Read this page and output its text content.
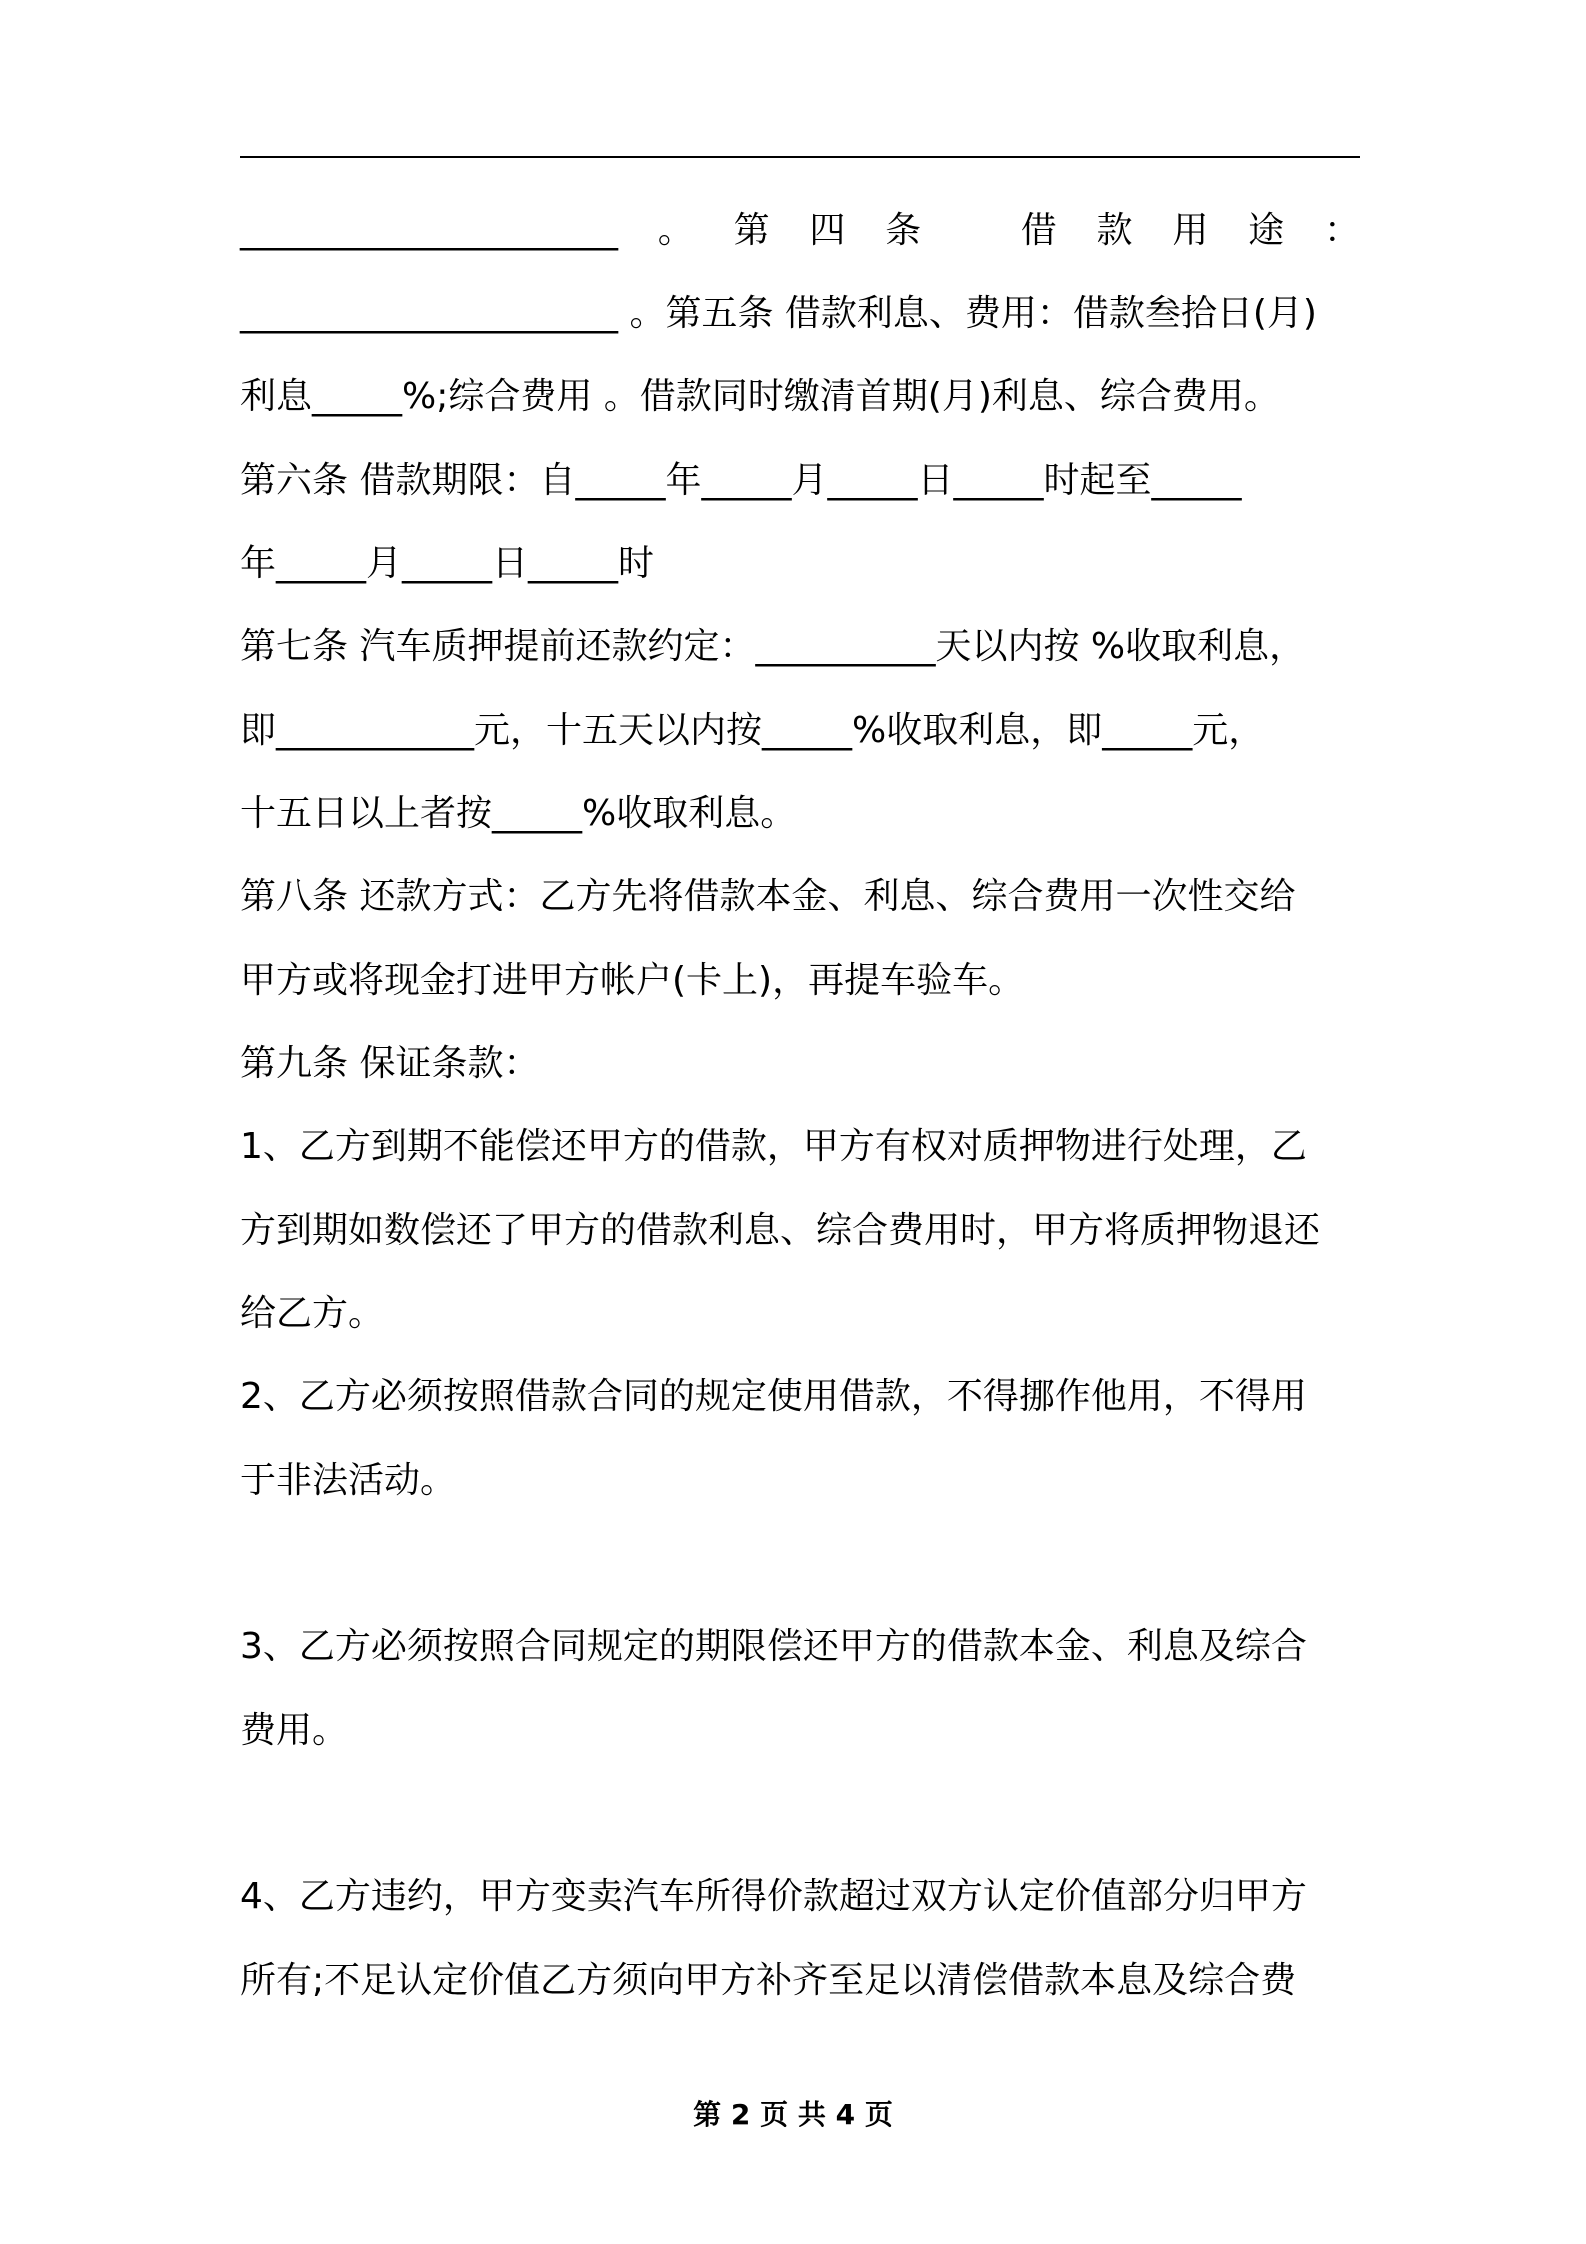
_____________________ 。 第 四 条	借 款 用 途 ：
_____________________ 。第五条 借款利息、费用：借款叁拾日(月)
利息_____%;综合费用 。借款同时缴清首期(月)利息、综合费用。
第六条 借款期限：自_____年_____月_____日_____时起至_____
年_____月_____日_____时
第七条 汽车质押提前还款约定：__________天以内按 %收取利息，
即___________元，十五天以内按_____%收取利息，即_____元，
十五日以上者按_____%收取利息。
第八条 还款方式：乙方先将借款本金、利息、综合费用一次性交给
甲方或将现金打进甲方帐户(卡上)，再提车验车。
第九条 保证条款：
1、乙方到期不能偿还甲方的借款，甲方有权对质押物进行处理，乙
方到期如数偿还了甲方的借款利息、综合费用时，甲方将质押物退还
给乙方。
2、乙方必须按照借款合同的规定使用借款，不得挪作他用，不得用
于非法活动。
3、乙方必须按照合同规定的期限偿还甲方的借款本金、利息及综合
费用。
4、乙方违约，甲方变卖汽车所得价款超过双方认定价值部分归甲方
所有;不足认定价值乙方须向甲方补齐至足以清偿借款本息及综合费
第 2 页 共 4 页
